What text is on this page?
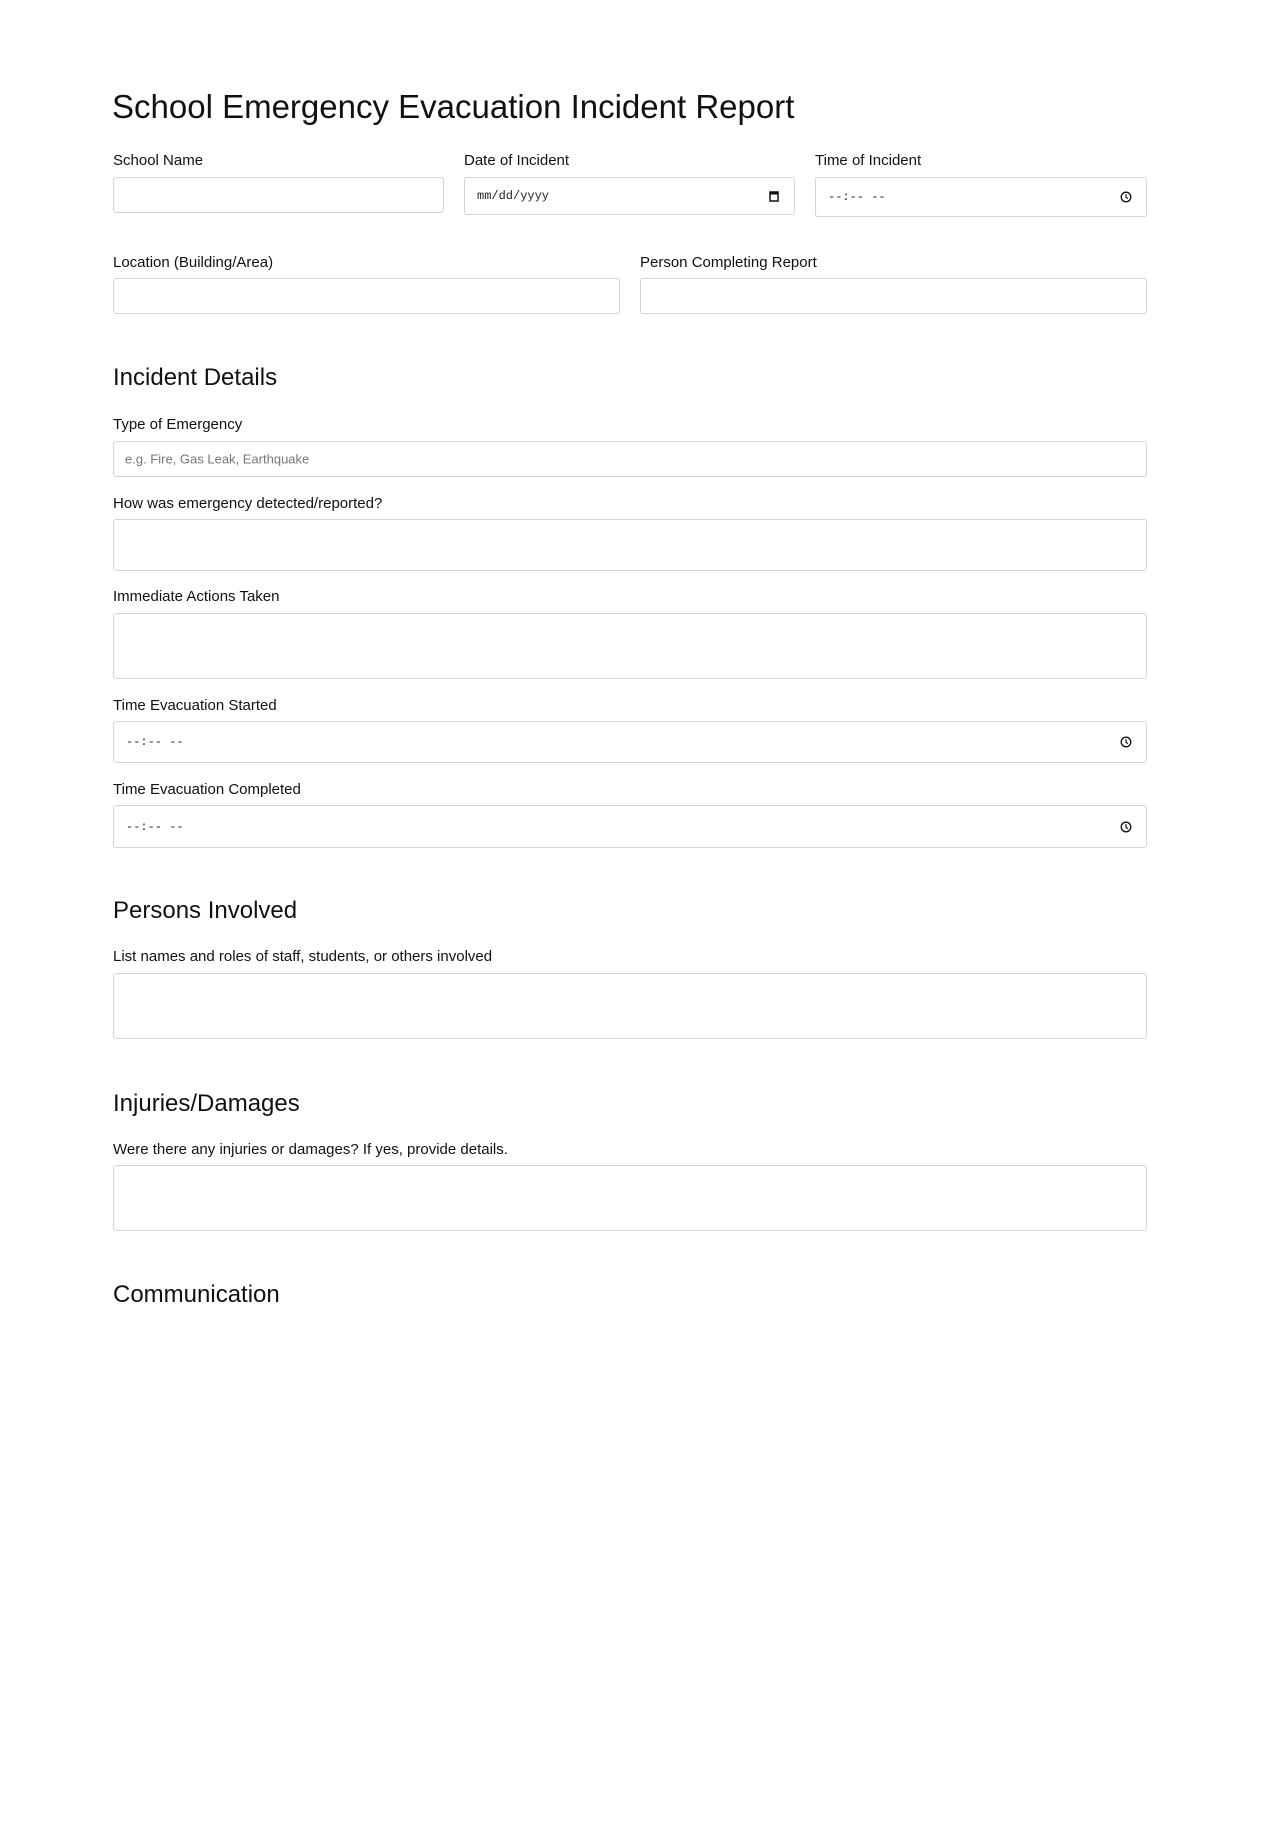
School Emergency Evacuation Incident Report
School Name	Date of Incident
mm/dd/yyyy
Time of Incident
--:-- --
Location (Building/Area)	Person Completing Report
Incident Details
Type of Emergency
e.g. Fire, Gas Leak, Earthquake
How was emergency detected/reported?
Immediate Actions Taken
Time Evacuation Started
--:-- --
Time Evacuation Completed
--:-- --
Persons Involved
List names and roles of staff, students, or others involved
Injuries/Damages
Were there any injuries or damages? If yes, provide details.
Communication
